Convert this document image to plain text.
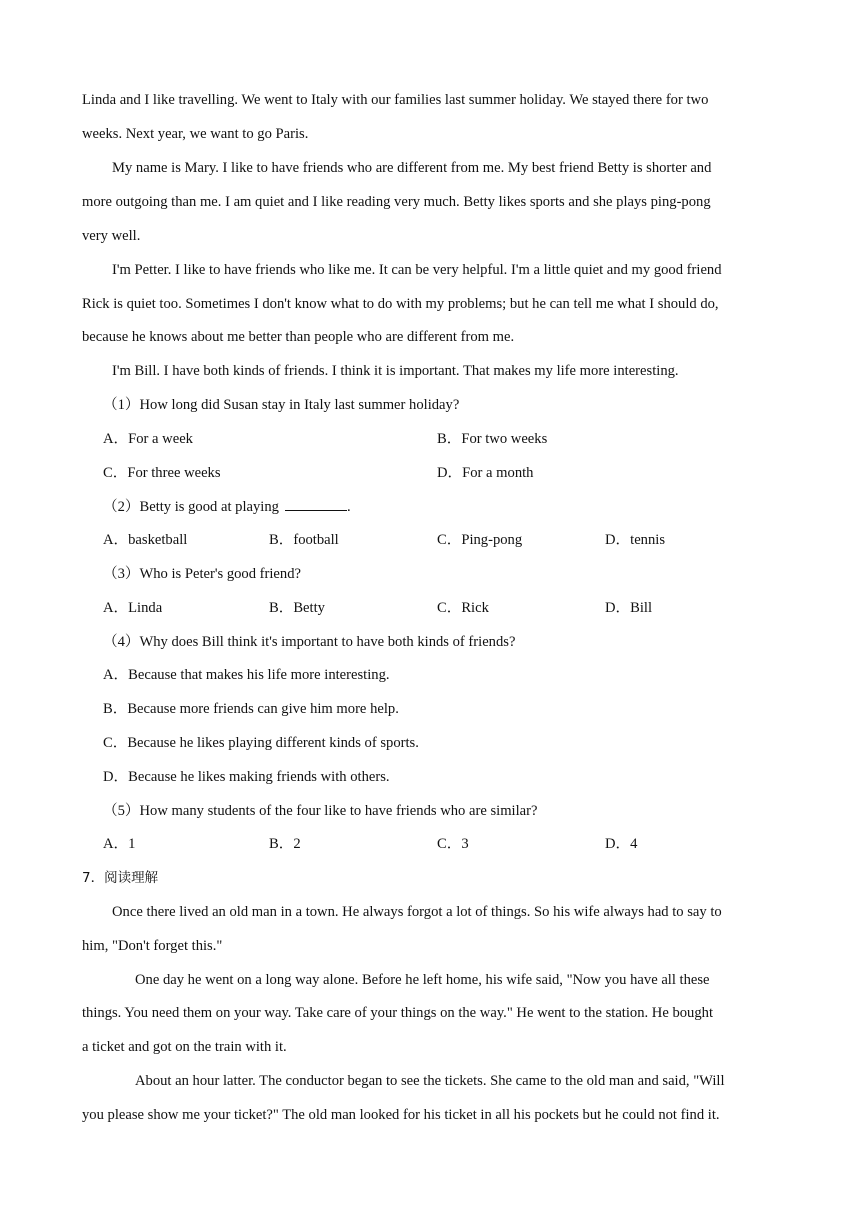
Linda and I like travelling. We went to Italy with our families last summer holiday. We stayed there for two
weeks. Next year, we want to go Paris.
My name is Mary. I like to have friends who are different from me. My best friend Betty is shorter and
more outgoing than me. I am quiet and I like reading very much. Betty likes sports and she plays ping-pong
very well.
I'm Petter. I like to have friends who like me. It can be very helpful. I'm a little quiet and my good friend
Rick is quiet too. Sometimes I don't know what to do with my problems; but he can tell me what I should do,
because he knows about me better than people who are different from me.
I'm Bill. I have both kinds of friends. I think it is important. That makes my life more interesting.
（1）How long did Susan stay in Italy last summer holiday?
A．For a week	B．For two weeks
C．For three weeks	D．For a month
（2）Betty is good at playing	.
A．basketball	B．football	C．Ping-pong	D．tennis
（3）Who is Peter's good friend?
A．Linda	B．Betty	C．Rick	D．Bill
（4）Why does Bill think it's important to have both kinds of friends?
A．Because that makes his life more interesting.
B．Because more friends can give him more help.
C．Because he likes playing different kinds of sports.
D．Because he likes making friends with others.
（5）How many students of the four like to have friends who are similar?
A．1	B．2	C．3	D．4
7．阅读理解
Once there lived an old man in a town. He always forgot a lot of things. So his wife always had to say to
him, "Don't forget this."
One day he went on a long way alone. Before he left home, his wife said, "Now you have all these
things. You need them on your way. Take care of your things on the way." He went to the station. He bought
a ticket and got on the train with it.
About an hour latter. The conductor began to see the tickets. She came to the old man and said, "Will
you please show me your ticket?" The old man looked for his ticket in all his pockets but he could not find it.
